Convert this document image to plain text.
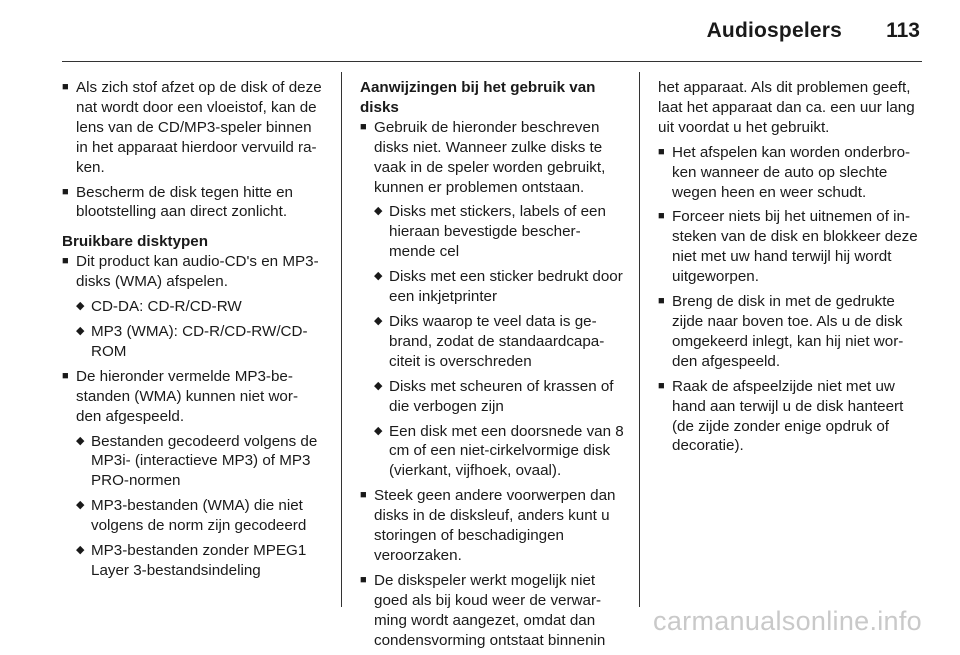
Audiospelers 113
■ Als zich stof afzet op de disk of deze nat wordt door een vloeistof, kan de lens van de CD/MP3-speler binnen in het apparaat hierdoor vervuild ra- ken.
■ Bescherm de disk tegen hitte en blootstelling aan direct zonlicht.
Bruikbare disktypen
■ Dit product kan audio-CD's en MP3-disks (WMA) afspelen.
◆ CD-DA: CD-R/CD-RW
◆ MP3 (WMA): CD-R/CD-RW/CD- ROM
■ De hieronder vermelde MP3-be- standen (WMA) kunnen niet wor- den afgespeeld.
◆ Bestanden gecodeerd volgens de MP3i- (interactieve MP3) of MP3 PRO-normen
◆ MP3-bestanden (WMA) die niet volgens de norm zijn gecodeerd
◆ MP3-bestanden zonder MPEG1 Layer 3-bestandsindeling
Aanwijzingen bij het gebruik van disks
■ Gebruik de hieronder beschreven disks niet. Wanneer zulke disks te vaak in de speler worden gebruikt, kunnen er problemen ontstaan.
◆ Disks met stickers, labels of een hieraan bevestigde bescher- mende cel
◆ Disks met een sticker bedrukt door een inkjetprinter
◆ Diks waarop te veel data is ge- brand, zodat de standaardcapa- citeit is overschreden
◆ Disks met scheuren of krassen of die verbogen zijn
◆ Een disk met een doorsnede van 8 cm of een niet-cirkelvormige disk (vierkant, vijfhoek, ovaal).
■ Steek geen andere voorwerpen dan disks in de disksleuf, anders kunt u storingen of beschadigingen veroorzaken.
■ De diskspeler werkt mogelijk niet goed als bij koud weer de verwar- ming wordt aangezet, omdat dan condensvorming ontstaat binnenin
het apparaat. Als dit problemen geeft, laat het apparaat dan ca. een uur lang uit voordat u het gebruikt.
■ Het afspelen kan worden onderbro- ken wanneer de auto op slechte wegen heen en weer schudt.
■ Forceer niets bij het uitnemen of in- steken van de disk en blokkeer deze niet met uw hand terwijl hij wordt uitgeworpen.
■ Breng de disk in met de gedrukte zijde naar boven toe. Als u de disk omgekeerd inlegt, kan hij niet wor- den afgespeeld.
■ Raak de afspeelzijde niet met uw hand aan terwijl u de disk hanteert (de zijde zonder enige opdruk of decoratie).
carmanualsonline.info
